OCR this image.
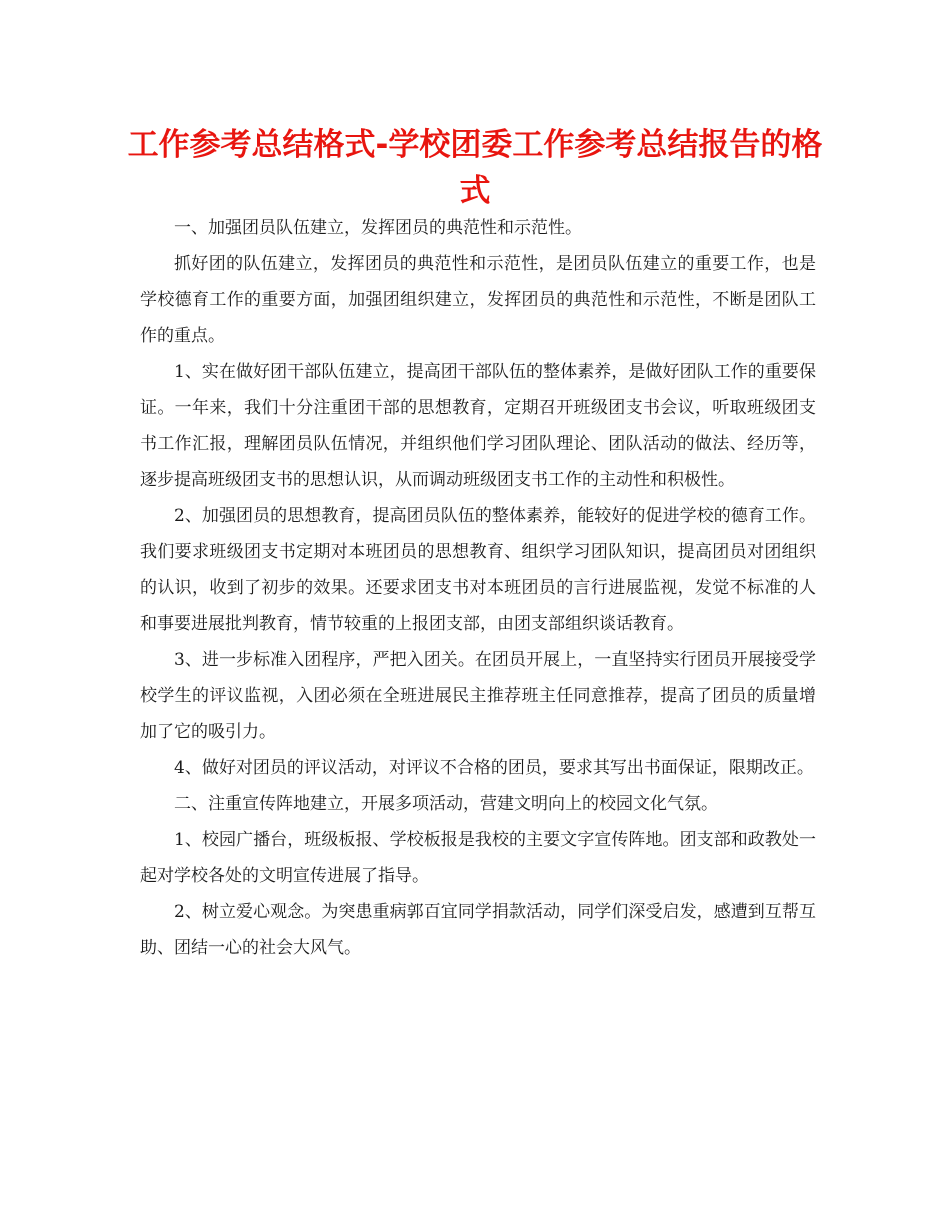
工作参考总结格式-学校团委工作参考总结报告的格式

一、加强团员队伍建立，发挥团员的典范性和示范性。

抓好团的队伍建立，发挥团员的典范性和示范性，是团员队伍建立的重要工作，也是学校德育工作的重要方面，加强团组织建立，发挥团员的典范性和示范性，不断是团队工作的重点。

1、实在做好团干部队伍建立，提高团干部队伍的整体素养，是做好团队工作的重要保证。一年来，我们十分注重团干部的思想教育，定期召开班级团支书会议，听取班级团支书工作汇报，理解团员队伍情况，并组织他们学习团队理论、团队活动的做法、经历等，逐步提高班级团支书的思想认识，从而调动班级团支书工作的主动性和积极性。

2、加强团员的思想教育，提高团员队伍的整体素养，能较好的促进学校的德育工作。我们要求班级团支书定期对本班团员的思想教育、组织学习团队知识，提高团员对团组织的认识，收到了初步的效果。还要求团支书对本班团员的言行进展监视，发觉不标准的人和事要进展批判教育，情节较重的上报团支部，由团支部组织谈话教育。

3、进一步标准入团程序，严把入团关。在团员开展上，一直坚持实行团员开展接受学校学生的评议监视，入团必须在全班进展民主推荐班主任同意推荐，提高了团员的质量增加了它的吸引力。

4、做好对团员的评议活动，对评议不合格的团员，要求其写出书面保证，限期改正。

二、注重宣传阵地建立，开展多项活动，营建文明向上的校园文化气氛。

1、校园广播台，班级板报、学校板报是我校的主要文字宣传阵地。团支部和政教处一起对学校各处的文明宣传进展了指导。

2、树立爱心观念。为突患重病郭百宜同学捐款活动，同学们深受启发，感遭到互帮互助、团结一心的社会大风气。
